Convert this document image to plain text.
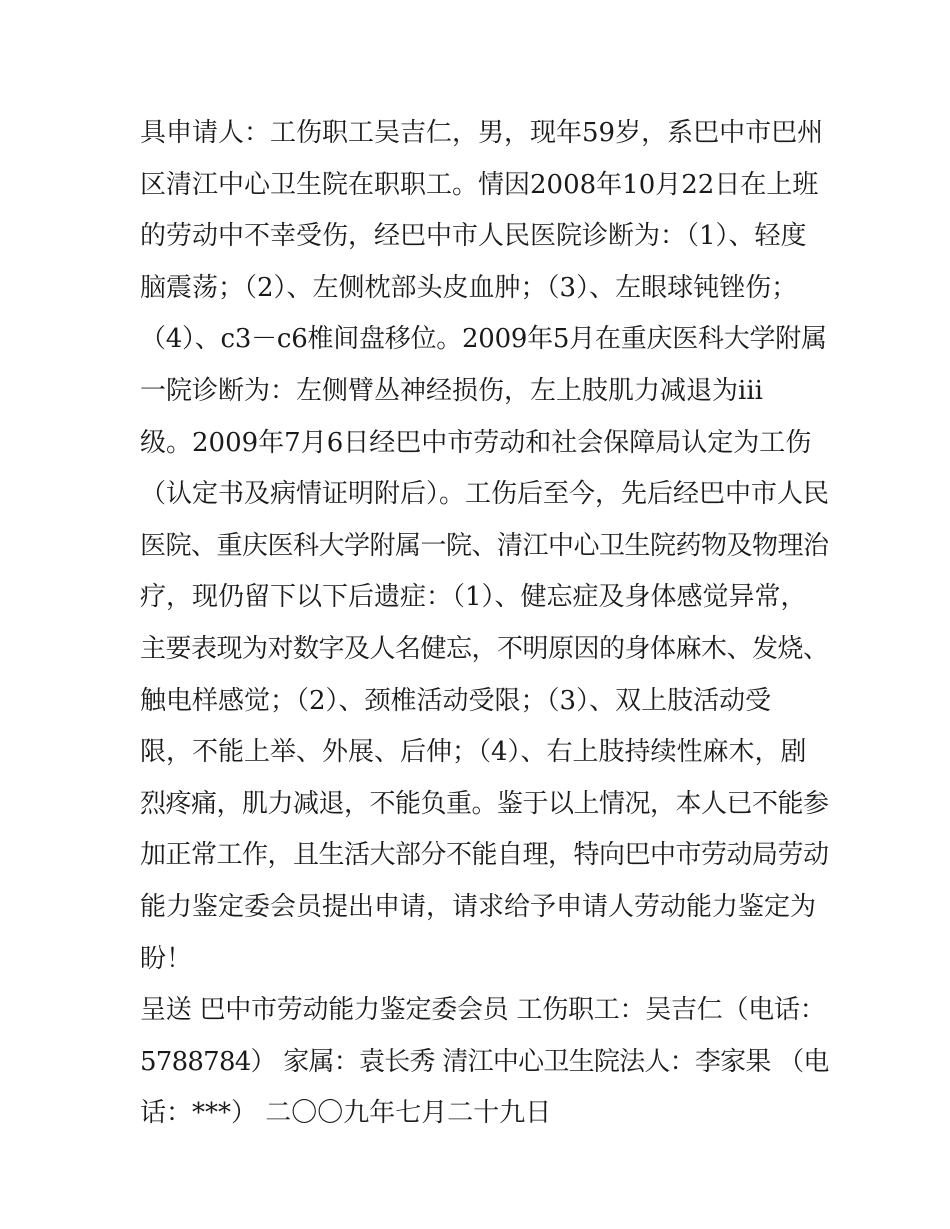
具申请人：工伤职工吴吉仁，男，现年59岁，系巴中市巴州
区清江中心卫生院在职职工。情因2008年10月22日在上班
的劳动中不幸受伤，经巴中市人民医院诊断为：（1）、轻度
脑震荡；（2）、左侧枕部头皮血肿；（3）、左眼球钝锉伤；
（4）、c3－c6椎间盘移位。2009年5月在重庆医科大学附属
一院诊断为：左侧臂丛神经损伤，左上肢肌力减退为iii
级。2009年7月6日经巴中市劳动和社会保障局认定为工伤
（认定书及病情证明附后）。工伤后至今，先后经巴中市人民
医院、重庆医科大学附属一院、清江中心卫生院药物及物理治
疗，现仍留下以下后遗症：（1）、健忘症及身体感觉异常，
主要表现为对数字及人名健忘，不明原因的身体麻木、发烧、
触电样感觉；（2）、颈椎活动受限；（3）、双上肢活动受
限，不能上举、外展、后伸；（4）、右上肢持续性麻木，剧
烈疼痛，肌力减退，不能负重。鉴于以上情况，本人已不能参
加正常工作，且生活大部分不能自理，特向巴中市劳动局劳动
能力鉴定委会员提出申请，请求给予申请人劳动能力鉴定为
盼！
呈送 巴中市劳动能力鉴定委会员 工伤职工：吴吉仁（电话：
5788784） 家属：袁长秀 清江中心卫生院法人：李家果 （电
话：***） 二〇〇九年七月二十九日
